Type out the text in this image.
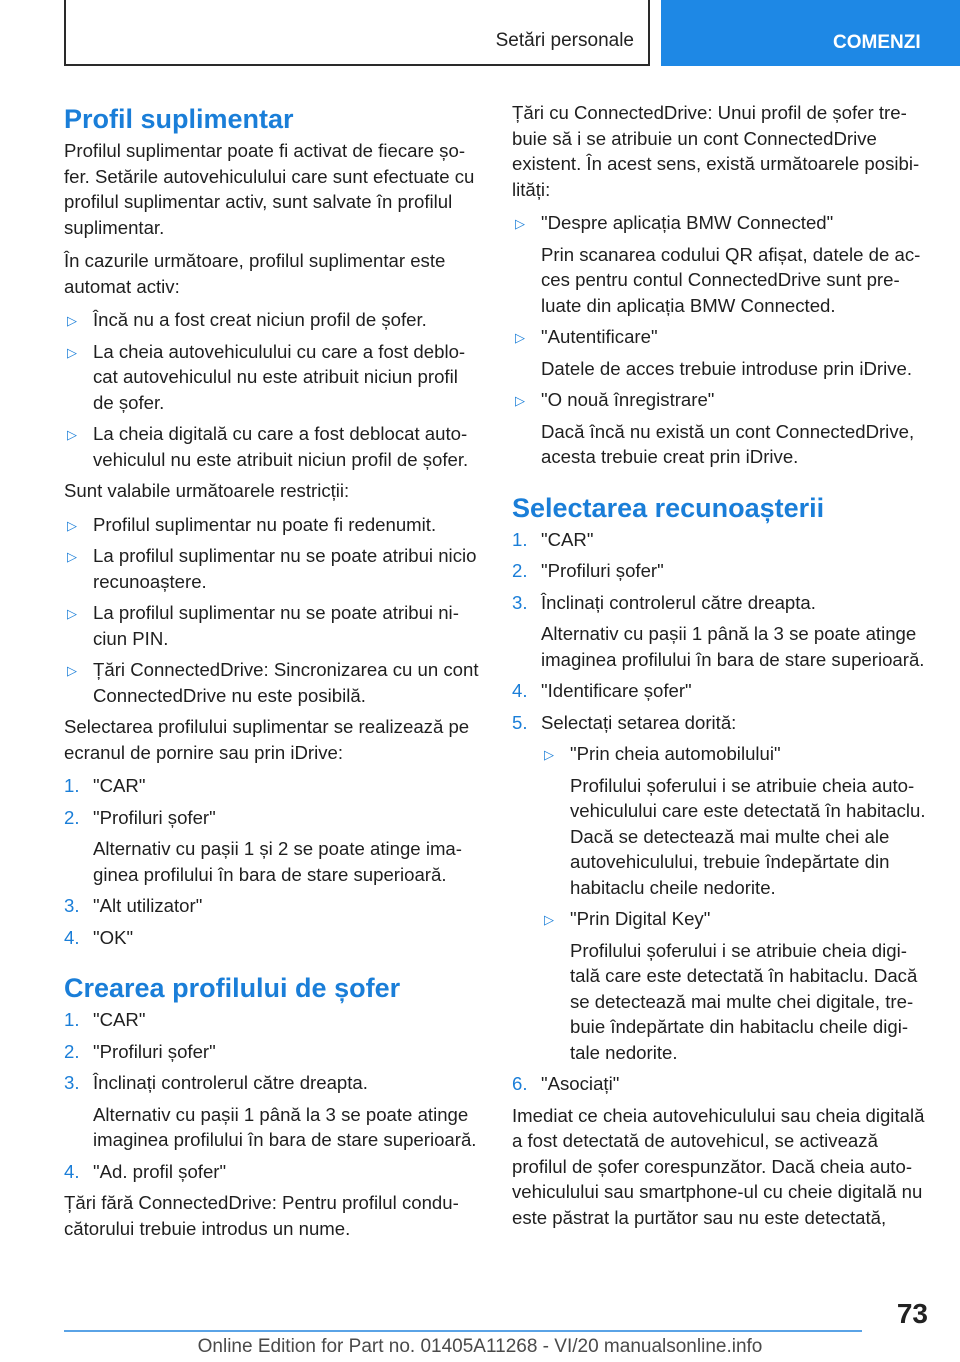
Setări personale	COMENZI
Profil suplimentar

Profilul suplimentar poate fi activat de fiecare șofer. Setările autovehiculului care sunt efectuate cu profilul suplimentar activ, sunt salvate în profilul suplimentar.

În cazurile următoare, profilul suplimentar este automat activ:

▷ Încă nu a fost creat niciun profil de șofer.
▷ La cheia autovehiculului cu care a fost deblocat autovehiculul nu este atribuit niciun profil de șofer.
▷ La cheia digitală cu care a fost deblocat autovehiculul nu este atribuit niciun profil de șofer.

Sunt valabile următoarele restricții:

▷ Profilul suplimentar nu poate fi redenumit.
▷ La profilul suplimentar nu se poate atribui nicio recunoaștere.
▷ La profilul suplimentar nu se poate atribui niciun PIN.
▷ Țări ConnectedDrive: Sincronizarea cu un cont ConnectedDrive nu este posibilă.

Selectarea profilului suplimentar se realizează pe ecranul de pornire sau prin iDrive:

1. "CAR"
2. "Profiluri șofer"
Alternativ cu pașii 1 și 2 se poate atinge imaginea profilului în bara de stare superioară.
3. "Alt utilizator"
4. "OK"
Crearea profilului de șofer
1. "CAR"
2. "Profiluri șofer"
3. Înclinați controlerul către dreapta.
Alternativ cu pașii 1 până la 3 se poate atinge imaginea profilului în bara de stare superioară.
4. "Ad. profil șofer"

Țări fără ConnectedDrive: Pentru profilul conducătorului trebuie introdus un nume.

Țări cu ConnectedDrive: Unui profil de șofer trebuie să i se atribuie un cont ConnectedDrive existent. În acest sens, există următoarele posibilități:

▷ "Despre aplicația BMW Connected"
Prin scanarea codului QR afișat, datele de acces pentru contul ConnectedDrive sunt preluate din aplicația BMW Connected.
▷ "Autentificare"
Datele de acces trebuie introduse prin iDrive.
▷ "O nouă înregistrare"
Dacă încă nu există un cont ConnectedDrive, acesta trebuie creat prin iDrive.
Selectarea recunoașterii
1. "CAR"
2. "Profiluri șofer"
3. Înclinați controlerul către dreapta.
Alternativ cu pașii 1 până la 3 se poate atinge imaginea profilului în bara de stare superioară.
4. "Identificare șofer"
5. Selectați setarea dorită:
▷ "Prin cheia automobilului"
Profilului șoferului i se atribuie cheia autovehiculului care este detectată în habitaclu. Dacă se detectează mai multe chei ale autovehiculului, trebuie îndepărtate din habitaclu cheile nedorite.
▷ "Prin Digital Key"
Profilului șoferului i se atribuie cheia digitală care este detectată în habitaclu. Dacă se detectează mai multe chei digitale, trebuie îndepărtate din habitaclu cheile digitale nedorite.
6. "Asociați"

Imediat ce cheia autovehiculului sau cheia digitală a fost detectată de autovehicul, se activează profilul de șofer corespunzător. Dacă cheia autovehiculului sau smartphone-ul cu cheie digitală nu este păstrat la purtător sau nu este detectată,

73
Online Edition for Part no. 01405A11268 - VI/20 manualsonline.info
